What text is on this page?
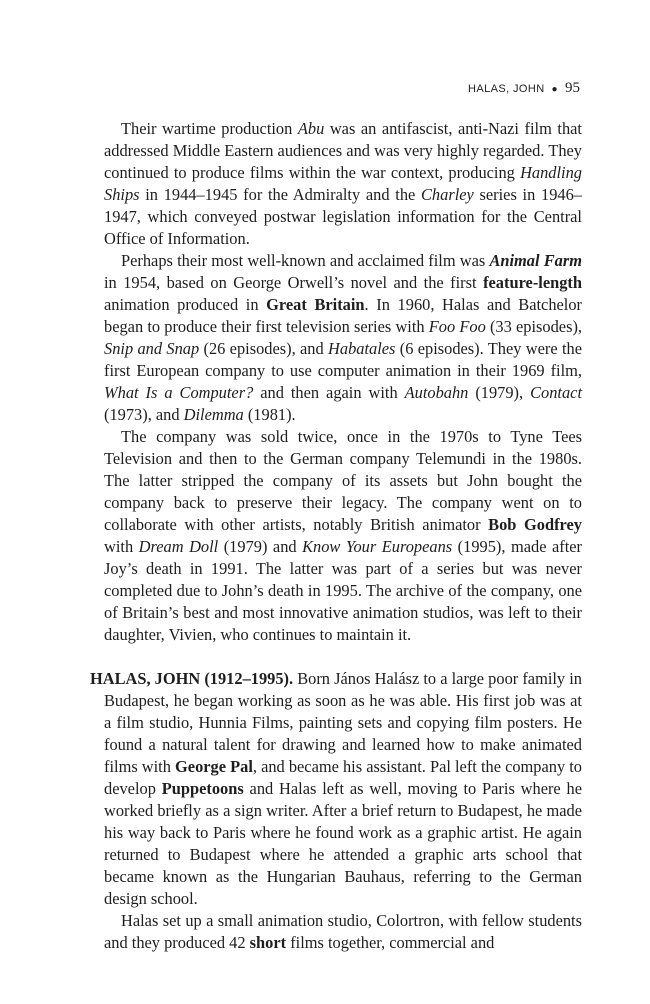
HALAS, JOHN ● 95

Their wartime production Abu was an antifascist, anti-Nazi film that addressed Middle Eastern audiences and was very highly regarded. They continued to produce films within the war context, producing Handling Ships in 1944–1945 for the Admiralty and the Charley series in 1946–1947, which conveyed postwar legislation information for the Central Office of Information.

Perhaps their most well-known and acclaimed film was Animal Farm in 1954, based on George Orwell’s novel and the first feature-length animation produced in Great Britain. In 1960, Halas and Batchelor began to produce their first television series with Foo Foo (33 episodes), Snip and Snap (26 episodes), and Habatales (6 episodes). They were the first European company to use computer animation in their 1969 film, What Is a Computer? and then again with Autobahn (1979), Contact (1973), and Dilemma (1981).

The company was sold twice, once in the 1970s to Tyne Tees Television and then to the German company Telemundi in the 1980s. The latter stripped the company of its assets but John bought the company back to preserve their legacy. The company went on to collaborate with other artists, notably British animator Bob Godfrey with Dream Doll (1979) and Know Your Europeans (1995), made after Joy’s death in 1991. The latter was part of a series but was never completed due to John’s death in 1995. The archive of the company, one of Britain’s best and most innovative animation studios, was left to their daughter, Vivien, who continues to maintain it.

HALAS, JOHN (1912–1995). Born János Halász to a large poor family in Budapest, he began working as soon as he was able. His first job was at a film studio, Hunnia Films, painting sets and copying film posters. He found a natural talent for drawing and learned how to make animated films with George Pal, and became his assistant. Pal left the company to develop Puppetoons and Halas left as well, moving to Paris where he worked briefly as a sign writer. After a brief return to Budapest, he made his way back to Paris where he found work as a graphic artist. He again returned to Budapest where he attended a graphic arts school that became known as the Hungarian Bauhaus, referring to the German design school.

Halas set up a small animation studio, Colortron, with fellow students and they produced 42 short films together, commercial and
